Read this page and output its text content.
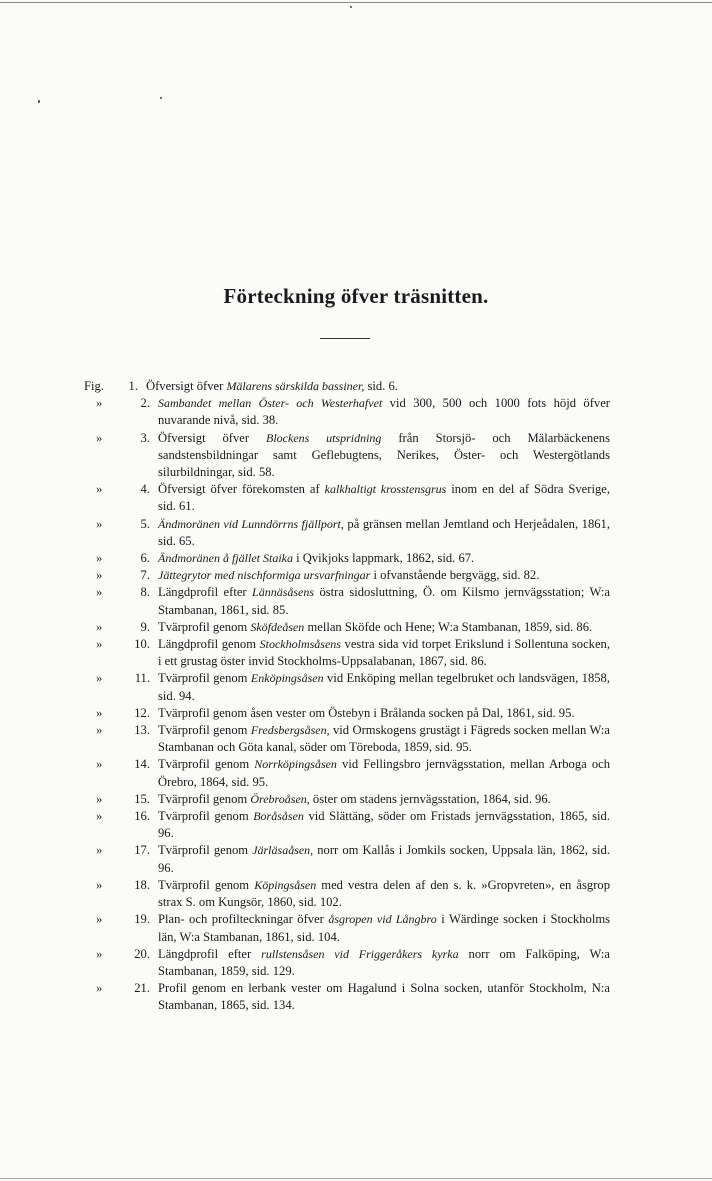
Förteckning öfver träsnitten.
Fig.	1. Öfversigt öfver Mälarens särskilda bassiner, sid. 6.
»	2. Sambandet mellan Öster- och Westerhafvet vid 300, 500 och 1000 fots höjd öfver nuvarande nivå, sid. 38.
»	3. Öfversigt öfver Blockens utspridning från Storsjö- och Mälarbäckenens sandstensbildningar samt Geflebugtens, Nerikes, Öster- och Westergötlands silurbildningar, sid. 58.
»	4. Öfversigt öfver förekomsten af kalkhaltigt krosstensgrus inom en del af Södra Sverige, sid. 61.
»	5. Ändmoränen vid Lunndörrns fjällport, på gränsen mellan Jemtland och Herjeådalen, 1861, sid. 65.
»	6. Ändmoränen å fjället Staika i Qvikjoks lappmark, 1862, sid. 67.
»	7. Jättegrytor med nischformiga ursvarfningar i ofvanstående bergvägg, sid. 82.
»	8. Längdprofil efter Lännäsåsens östra sidosluttning, Ö. om Kilsmo jernvägsstation; W:a Stambanan, 1861, sid. 85.
»	9. Tvärprofil genom Sköfdeåsen mellan Sköfde och Hene; W:a Stambanan, 1859, sid. 86.
»	10. Längdprofil genom Stockholmsåsens vestra sida vid torpet Erikslund i Sollentuna socken, i ett grustag öster invid Stockholms-Uppsalabanan, 1867, sid. 86.
»	11. Tvärprofil genom Enköpingsåsen vid Enköping mellan tegelbruket och landsvägen, 1858, sid. 94.
»	12. Tvärprofil genom åsen vester om Östebyn i Brålanda socken på Dal, 1861, sid. 95.
»	13. Tvärprofil genom Fredsbergsåsen, vid Ormskogens grustägt i Fägreds socken mellan W:a Stambanan och Göta kanal, söder om Töreboda, 1859, sid. 95.
»	14. Tvärprofil genom Norrköpingsåsen vid Fellingsbro jernvägsstation, mellan Arboga och Örebro, 1864, sid. 95.
»	15. Tvärprofil genom Örebroåsen, öster om stadens jernvägsstation, 1864, sid. 96.
»	16. Tvärprofil genom Boråsåsen vid Slättäng, söder om Fristads jernvägsstation, 1865, sid. 96.
»	17. Tvärprofil genom Järläsaåsen, norr om Kallås i Jomkils socken, Uppsala län, 1862, sid. 96.
»	18. Tvärprofil genom Köpingsåsen med vestra delen af den s. k. »Gropvreten», en åsgrop strax S. om Kungsör, 1860, sid. 102.
»	19. Plan- och profilteckningar öfver åsgropen vid Långbro i Wärdinge socken i Stockholms län, W:a Stambanan, 1861, sid. 104.
»	20. Längdprofil efter rullstensåsen vid Friggeråkers kyrka norr om Falköping, W:a Stambanan, 1859, sid. 129.
»	21. Profil genom en lerbank vester om Hagalund i Solna socken, utanför Stockholm, N:a Stambanan, 1865, sid. 134.
